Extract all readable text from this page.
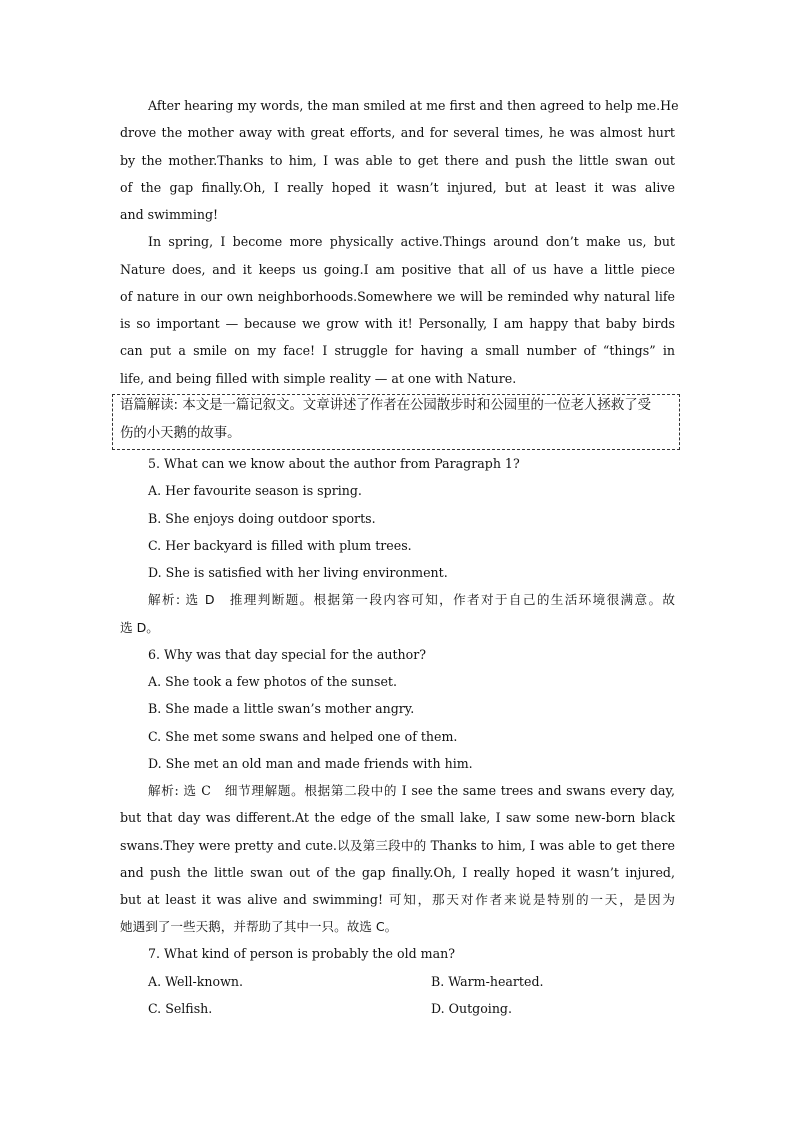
After hearing my words, the man smiled at me first and then agreed to help me.He
drove the mother away with great efforts, and for several times, he was almost hurt
by the mother.Thanks to him, I was able to get there and push the little swan out
of the gap finally.Oh, I really hoped it wasn’t injured, but at least it was alive
and swimming!
In spring, I become more physically active.Things around don’t make us, but
Nature does, and it keeps us going.I am positive that all of us have a little piece
of nature in our own neighborhoods.Somewhere we will be reminded why natural life
is so important — because we grow with it! Personally, I am happy that baby birds
can put a smile on my face! I struggle for having a small number of “things” in
life, and being filled with simple reality — at one with Nature.
语篇解读: 本文是一篇记叙文。文章讲述了作者在公园散步时和公园里的一位老人拯救了受
伤的小天鹅的故事。
5. What can we know about the author from Paragraph 1?
A. Her favourite season is spring.
B. She enjoys doing outdoor sports.
C. Her backyard is filled with plum trees.
D. She is satisfied with her living environment.
解析: 选 D　推理判断题。根据第一段内容可知，作者对于自己的生活环境很满意。故
选 D。
6. Why was that day special for the author?
A. She took a few photos of the sunset.
B. She made a little swan’s mother angry.
C. She met some swans and helped one of them.
D. She met an old man and made friends with him.
解析: 选 C　细节理解题。根据第二段中的 I see the same trees and swans every day,
but that day was different.At the edge of the small lake, I saw some new-born black
swans.They were pretty and cute.以及第三段中的 Thanks to him, I was able to get there
and push the little swan out of the gap finally.Oh, I really hoped it wasn’t injured,
but at least it was alive and swimming! 可知，那天对作者来说是特别的一天，是因为
她遇到了一些天鹅，并帮助了其中一只。故选 C。
7. What kind of person is probably the old man?
A. Well-known.	B. Warm-hearted.
C. Selfish.	D. Outgoing.
